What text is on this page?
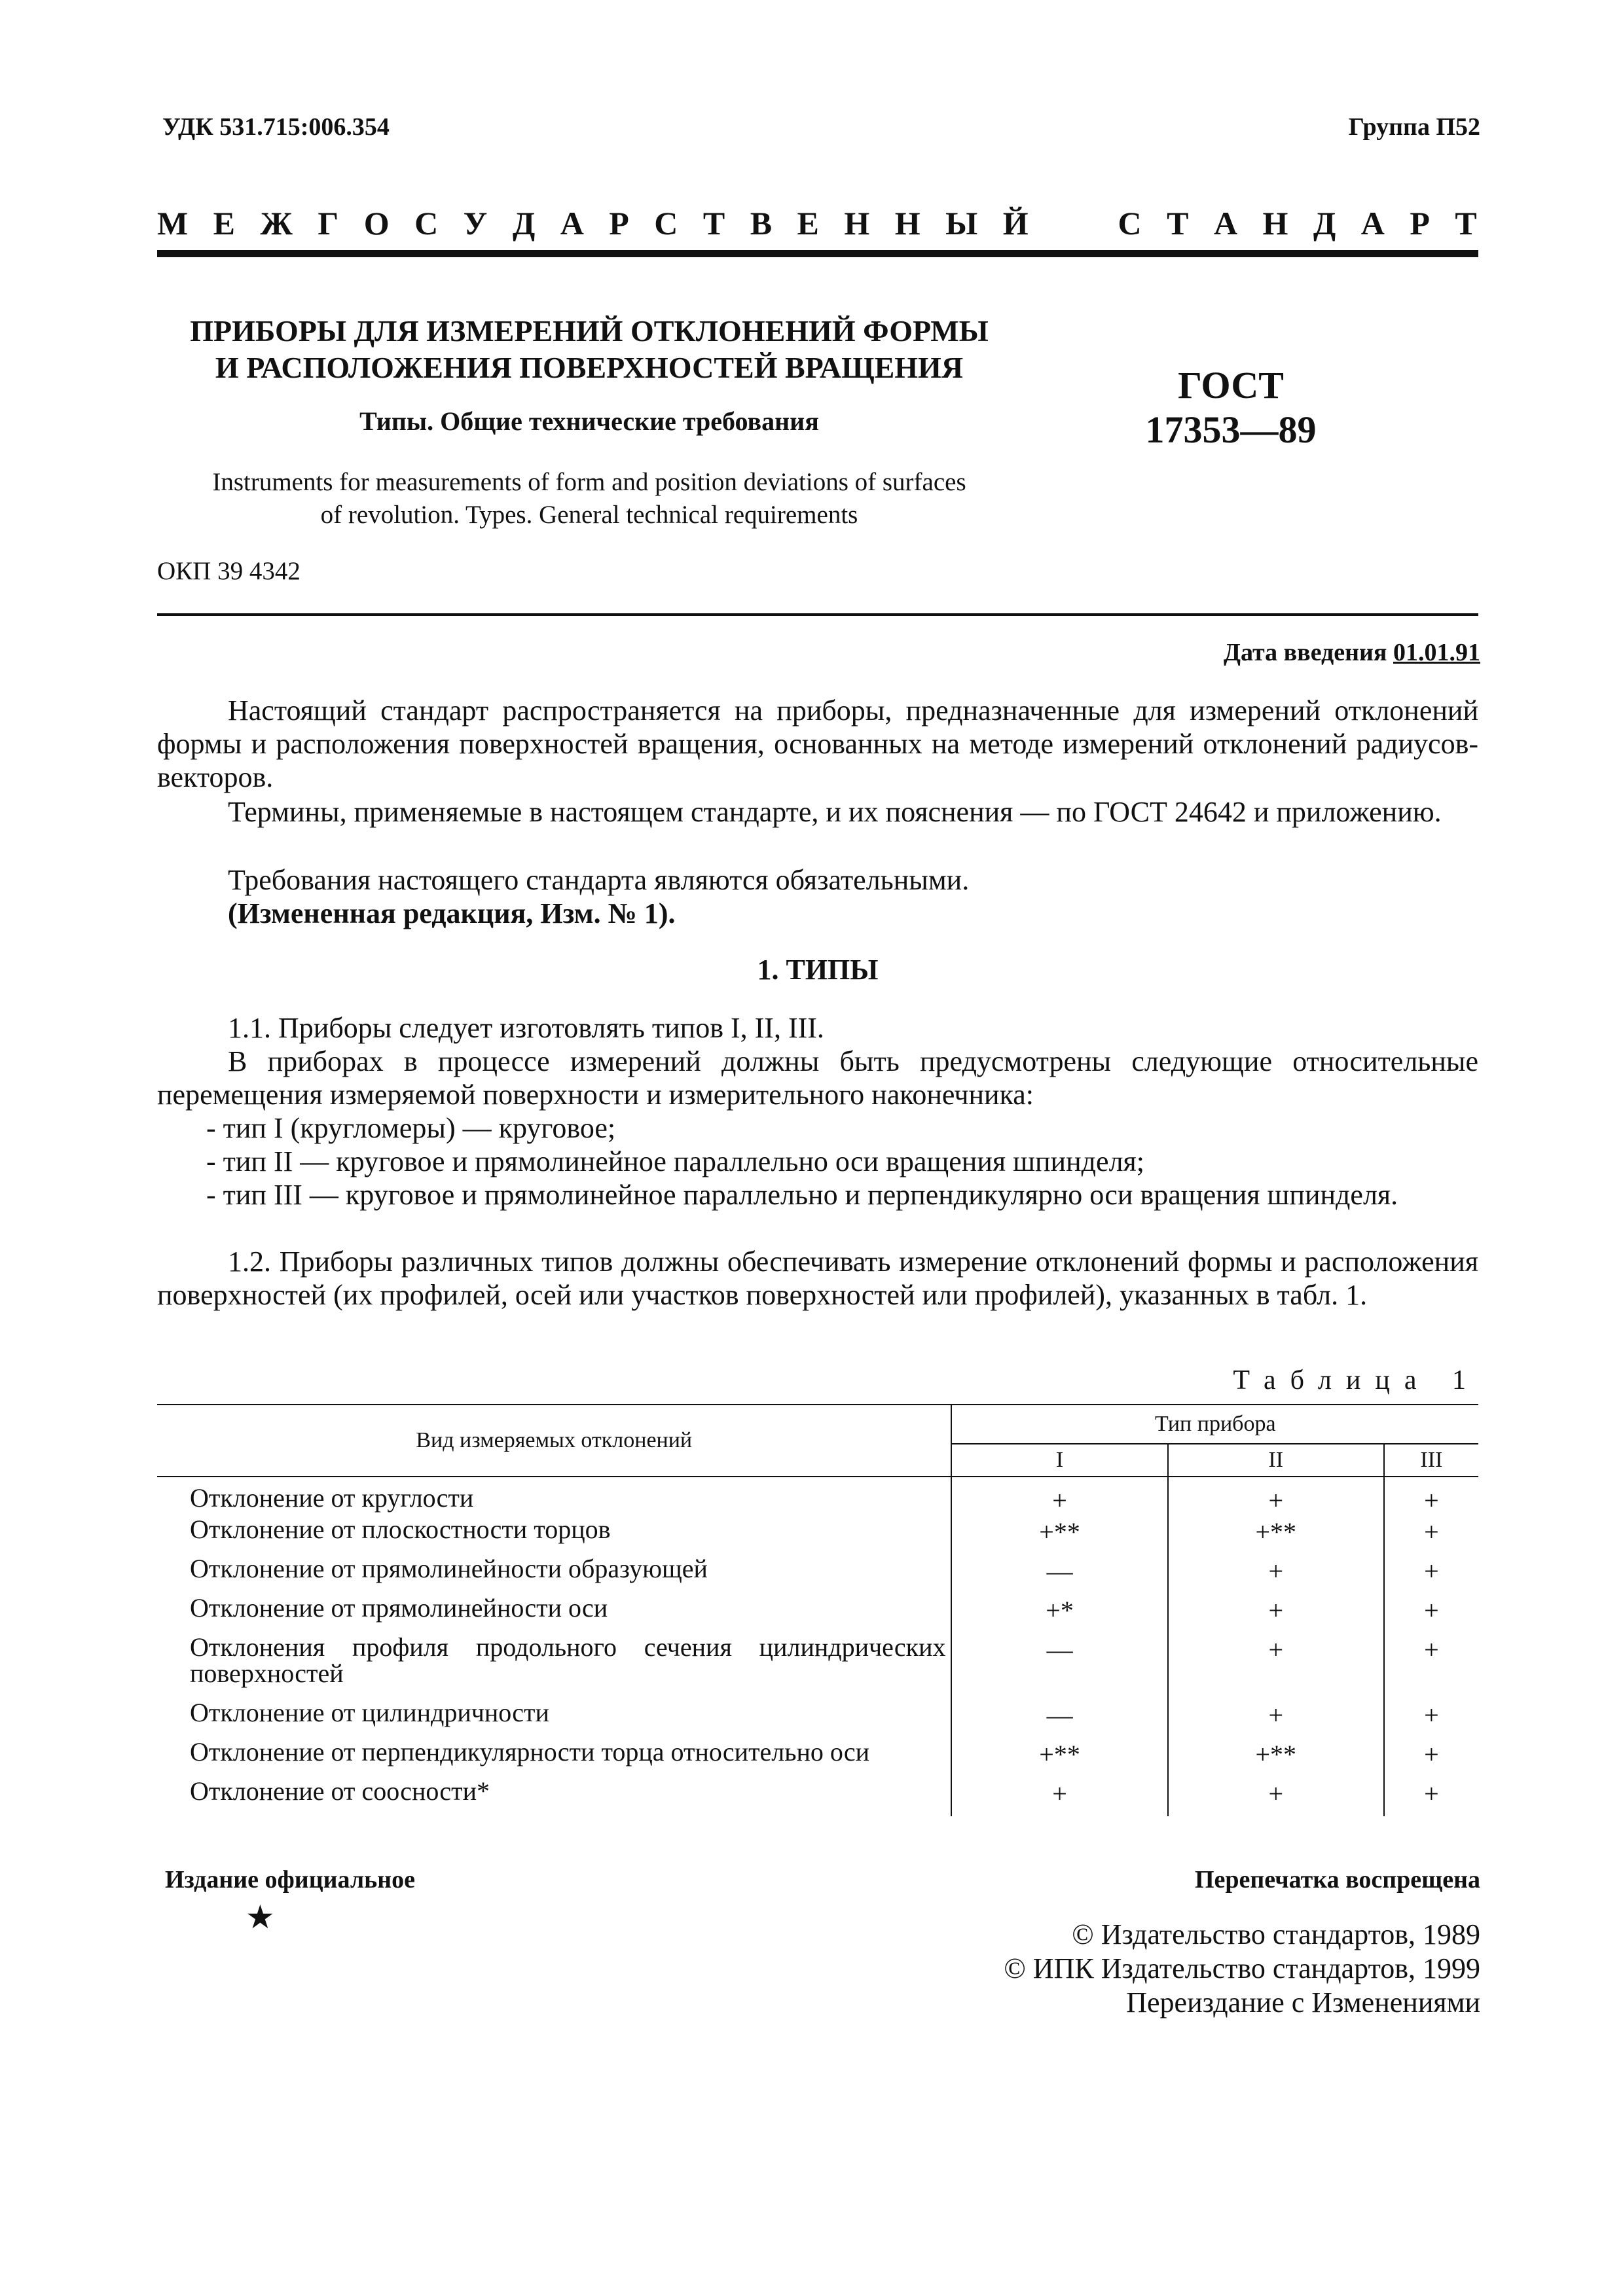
УДК 531.715:006.354	Группа П52
М Е Ж Г О С У Д А Р С Т В Е Н Н Ы Й	С Т А Н Д А Р Т
ПРИБОРЫ ДЛЯ ИЗМЕРЕНИЙ ОТКЛОНЕНИЙ ФОРМЫ
И РАСПОЛОЖЕНИЯ ПОВЕРХНОСТЕЙ ВРАЩЕНИЯ
Типы. Общие технические требования
Instruments for measurements of form and position deviations of surfaces
of revolution. Types. General technical requirements
ГОСТ
17353—89
ОКП 39 4342
Дата введения 01.01.91
Настоящий стандарт распространяется на приборы, предназначенные для измерений отклонений формы и расположения поверхностей вращения, основанных на методе измерений отклонений радиусов-векторов.
Термины, применяемые в настоящем стандарте, и их пояснения — по ГОСТ 24642 и приложению.
Требования настоящего стандарта являются обязательными.
(Измененная редакция, Изм. № 1).
1. ТИПЫ
1.1. Приборы следует изготовлять типов I, II, III.
В приборах в процессе измерений должны быть предусмотрены следующие относительные перемещения измеряемой поверхности и измерительного наконечника:
- тип I (кругломеры) — круговое;
- тип II — круговое и прямолинейное параллельно оси вращения шпинделя;
- тип III — круговое и прямолинейное параллельно и перпендикулярно оси вращения шпинделя.
1.2. Приборы различных типов должны обеспечивать измерение отклонений формы и расположения поверхностей (их профилей, осей или участков поверхностей или профилей), указанных в табл. 1.
Таблица 1
Вид измеряемых отклонений	Тип прибора		
	I	II	III
Отклонение от круглости	+	+	+
Отклонение от плоскостности торцов	+**	+**	+
Отклонение от прямолинейности образующей	—	+	+
Отклонение от прямолинейности оси	+*	+	+
Отклонения профиля продольного сечения цилиндрических поверхностей	—	+	+
Отклонение от цилиндричности	—	+	+
Отклонение от перпендикулярности торца относительно оси	+**	+**	+
Отклонение от соосности*	+	+	+
Издание официальное	Перепечатка воспрещена
★	© Издательство стандартов, 1989
© ИПК Издательство стандартов, 1999
Переиздание с Изменениями
